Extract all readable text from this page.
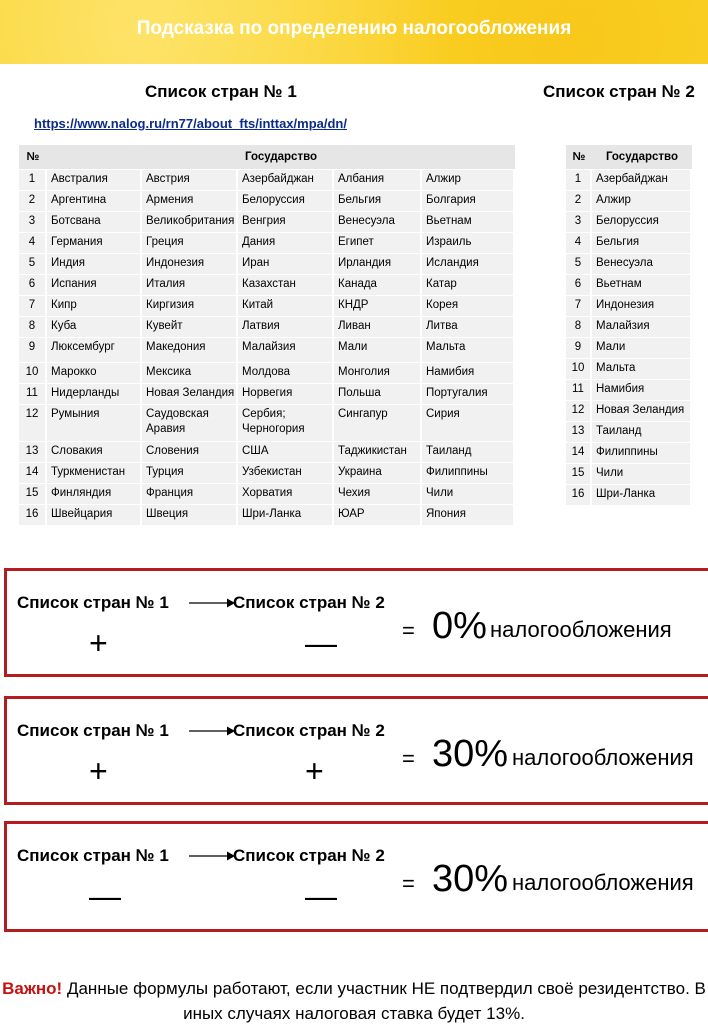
Подсказка по определению налогообложения
Список стран № 1	Список стран № 2
https://www.nalog.ru/rn77/about_fts/inttax/mpa/dn/
№	Государство				
1	Австралия	Австрия	Азербайджан	Албания	Алжир
2	Аргентина	Армения	Белоруссия	Бельгия	Болгария
3	Ботсвана	Великобритания	Венгрия	Венесуэла	Вьетнам
4	Германия	Греция	Дания	Египет	Израиль
5	Индия	Индонезия	Иран	Ирландия	Исландия
6	Испания	Италия	Казахстан	Канада	Катар
7	Кипр	Киргизия	Китай	КНДР	Корея
8	Куба	Кувейт	Латвия	Ливан	Литва
9	Люксембург	Македония	Малайзия	Мали	Мальта
10	Марокко	Мексика	Молдова	Монголия	Намибия
11	Нидерланды	Новая Зеландия	Норвегия	Польша	Португалия
12	Румыния	Саудовская Аравия	Сербия; Черногория	Сингапур	Сирия
13	Словакия	Словения	США	Таджикистан	Таиланд
14	Туркменистан	Турция	Узбекистан	Украина	Филиппины
15	Финляндия	Франция	Хорватия	Чехия	Чили
16	Швейцария	Швеция	Шри-Ланка	ЮАР	Япония
№	Государство
1	Азербайджан
2	Алжир
3	Белоруссия
4	Бельгия
5	Венесуэла
6	Вьетнам
7	Индонезия
8	Малайзия
9	Мали
10	Мальта
11	Намибия
12	Новая Зеландия
13	Таиланд
14	Филиппины
15	Чили
16	Шри-Ланка
Список стран № 1	Список стран № 2
+	—	= 0% налогообложения
Список стран № 1	Список стран № 2
+	+	= 30% налогообложения
Список стран № 1	Список стран № 2
—	—	= 30% налогообложения
Важно! Данные формулы работают, если участник НЕ подтвердил своё резидентство. В иных случаях налоговая ставка будет 13%.
